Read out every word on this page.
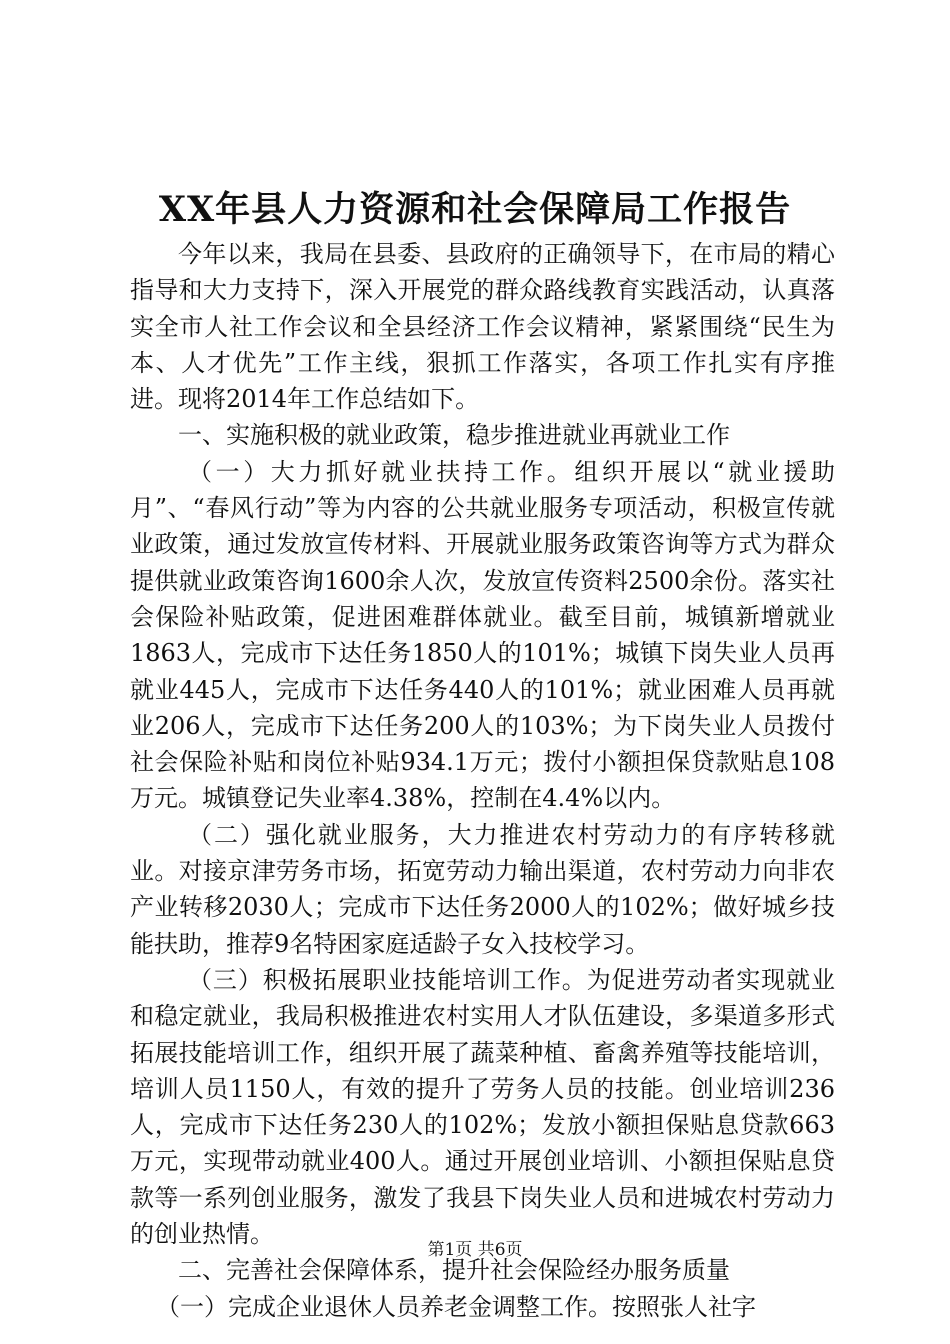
XX年县人力资源和社会保障局工作报告

今年以来，我局在县委、县政府的正确领导下，在市局的精心指导和大力支持下，深入开展党的群众路线教育实践活动，认真落实全市人社工作会议和全县经济工作会议精神，紧紧围绕“民生为本、人才优先”工作主线，狠抓工作落实，各项工作扎实有序推进。现将2014年工作总结如下。

一、实施积极的就业政策，稳步推进就业再就业工作

（一）大力抓好就业扶持工作。组织开展以“就业援助月”、“春风行动”等为内容的公共就业服务专项活动，积极宣传就业政策，通过发放宣传材料、开展就业服务政策咨询等方式为群众提供就业政策咨询1600余人次，发放宣传资料2500余份。落实社会保险补贴政策，促进困难群体就业。截至目前，城镇新增就业1863人，完成市下达任务1850人的101%；城镇下岗失业人员再就业445人，完成市下达任务440人的101%；就业困难人员再就业206人，完成市下达任务200人的103%；为下岗失业人员拨付社会保险补贴和岗位补贴934.1万元；拨付小额担保贷款贴息108万元。城镇登记失业率4.38%，控制在4.4%以内。

（二）强化就业服务，大力推进农村劳动力的有序转移就业。对接京津劳务市场，拓宽劳动力输出渠道，农村劳动力向非农产业转移2030人；完成市下达任务2000人的102%；做好城乡技能扶助，推荐9名特困家庭适龄子女入技校学习。

（三）积极拓展职业技能培训工作。为促进劳动者实现就业和稳定就业，我局积极推进农村实用人才队伍建设，多渠道多形式拓展技能培训工作，组织开展了蔬菜种植、畜禽养殖等技能培训，培训人员1150人，有效的提升了劳务人员的技能。创业培训236人，完成市下达任务230人的102%；发放小额担保贴息贷款663万元，实现带动就业400人。通过开展创业培训、小额担保贴息贷款等一系列创业服务，激发了我县下岗失业人员和进城农村劳动力的创业热情。

二、完善社会保障体系，提升社会保险经办服务质量

（一）完成企业退休人员养老金调整工作。按照张人社字

第1页 共6页
